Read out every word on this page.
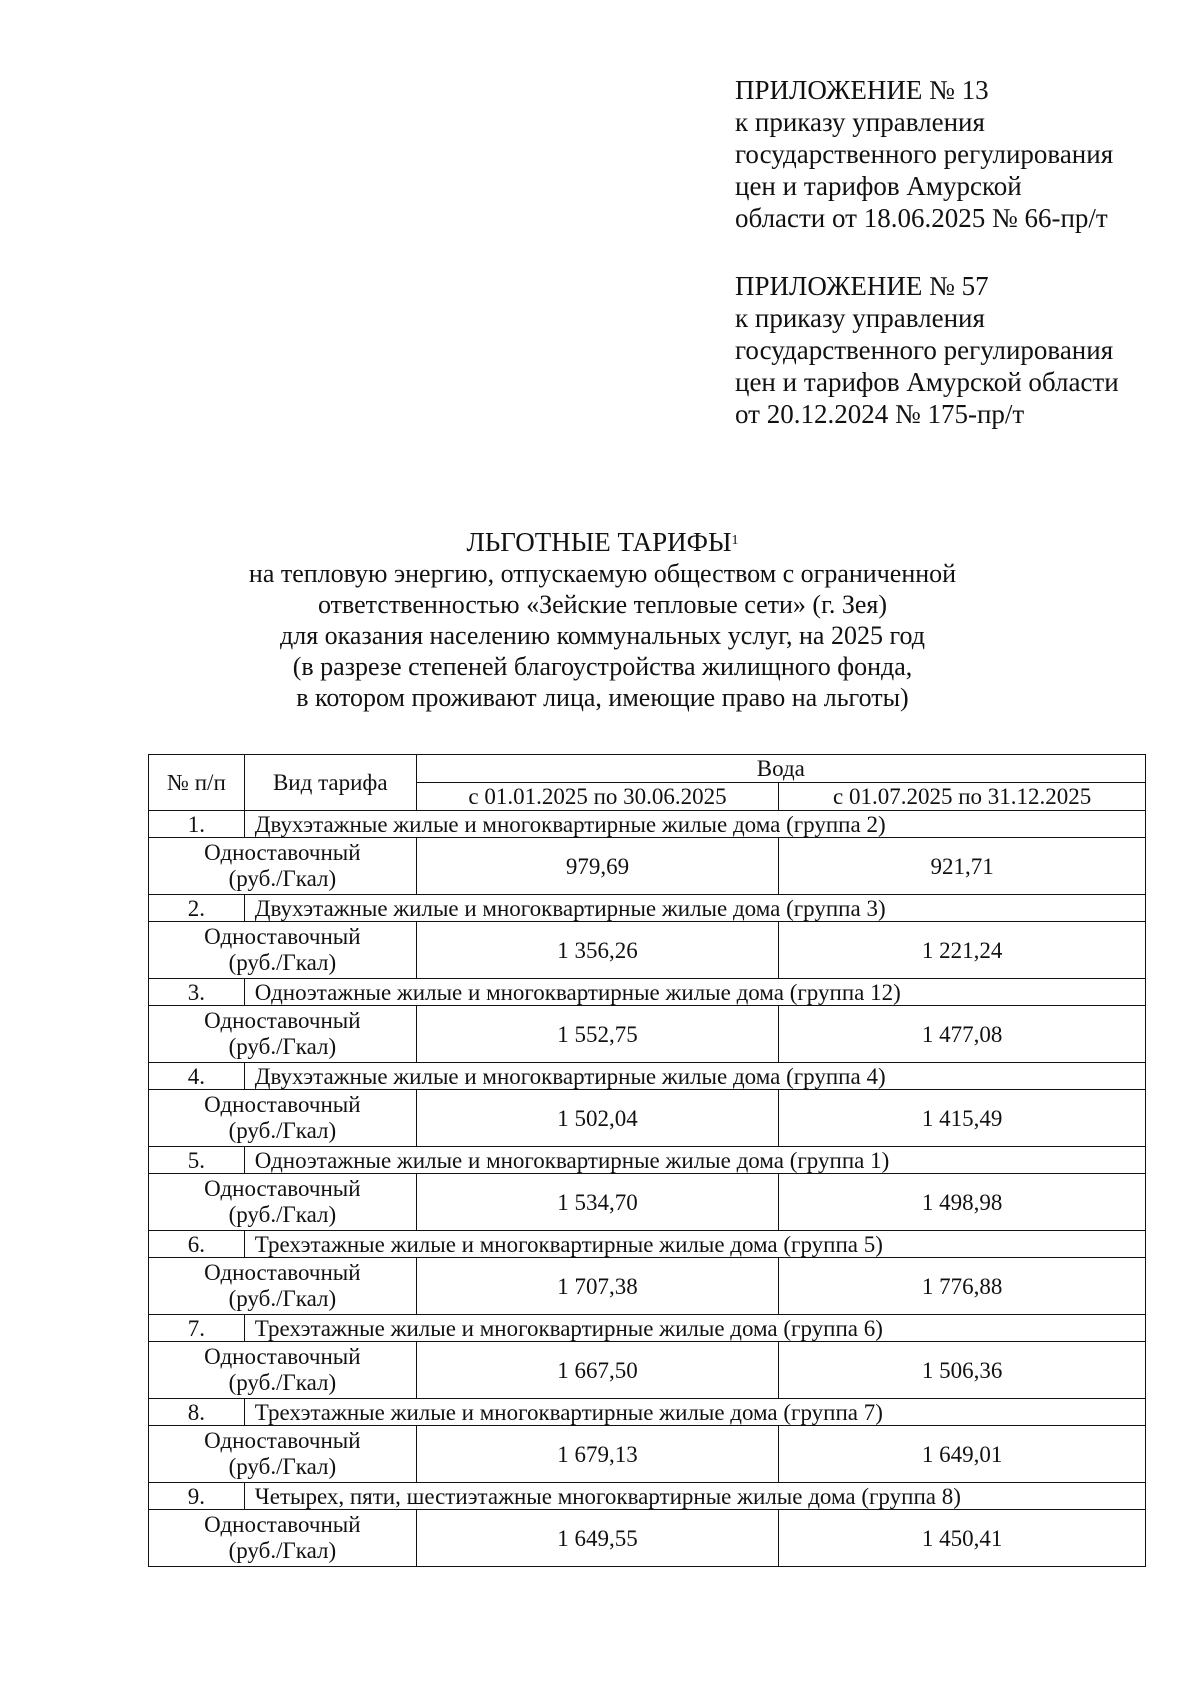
ПРИЛОЖЕНИЕ № 13
к приказу управления
государственного регулирования
цен и тарифов Амурской
области от 18.06.2025 № 66-пр/т
ПРИЛОЖЕНИЕ № 57
к приказу управления
государственного регулирования
цен и тарифов Амурской области
от 20.12.2024 № 175-пр/т
ЛЬГОТНЫЕ ТАРИФЫ$^1$
на тепловую энергию, отпускаемую обществом с ограниченной
ответственностью «Зейские тепловые сети» (г. Зея)
для оказания населению коммунальных услуг, на 2025 год
(в разрезе степеней благоустройства жилищного фонда,
в котором проживают лица, имеющие право на льготы)
№ п/п	Вид тарифа	Вода	
		с 01.01.2025 по 30.06.2025	с 01.07.2025 по 31.12.2025
1.	Двухэтажные жилые и многоквартирные жилые дома (группа 2)		

Одноставочный
(руб./Гкал)		979,69	921,71
2.	Двухэтажные жилые и многоквартирные жилые дома (группа 3)		

Одноставочный
(руб./Гкал)		1 356,26	1 221,24
3.	Одноэтажные жилые и многоквартирные жилые дома (группа 12)		

Одноставочный
(руб./Гкал)		1 552,75	1 477,08
4.	Двухэтажные жилые и многоквартирные жилые дома (группа 4)		

Одноставочный
(руб./Гкал)		1 502,04	1 415,49
5.	Одноэтажные жилые и многоквартирные жилые дома (группа 1)		

Одноставочный
(руб./Гкал)		1 534,70	1 498,98
6.	Трехэтажные жилые и многоквартирные жилые дома (группа 5)		

Одноставочный
(руб./Гкал)		1 707,38	1 776,88
7.	Трехэтажные жилые и многоквартирные жилые дома (группа 6)		

Одноставочный
(руб./Гкал)		1 667,50	1 506,36
8.	Трехэтажные жилые и многоквартирные жилые дома (группа 7)		

Одноставочный
(руб./Гкал)		1 679,13	1 649,01
9.	Четырех, пяти, шестиэтажные многоквартирные жилые дома (группа 8)		

Одноставочный
(руб./Гкал)		1 649,55	1 450,41
